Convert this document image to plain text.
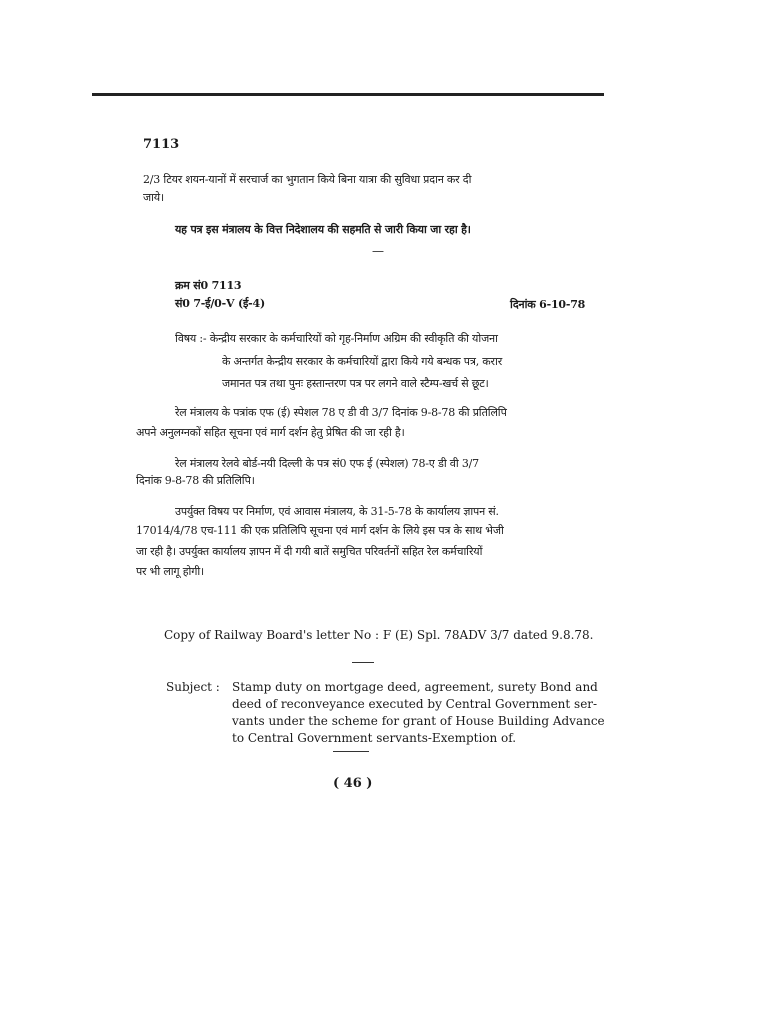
7113
2/3 टियर शयन-यानों में सरचार्ज का भुगतान किये बिना यात्रा की सुविधा प्रदान कर दी
जाये।
यह पत्र इस मंत्रालय के वित्त निदेशालय की सहमति से जारी किया जा रहा है।
—
क्रम सं0 7113
सं0 7-ई/0-V (ई-4)	दिनांक 6-10-78
विषय :- केन्द्रीय सरकार के कर्मचारियों को गृह-निर्माण अग्रिम की स्वीकृति की योजना
के अन्तर्गत केन्द्रीय सरकार के कर्मचारियों द्वारा किये गये बन्धक पत्र, करार
जमानत पत्र तथा पुनः हस्तान्तरण पत्र पर लगने वाले स्टैम्प-खर्च से छूट।
रेल मंत्रालय के पत्रांक एफ (ई) स्पेशल 78 ए डी वी 3/7 दिनांक 9-8-78 की प्रतिलिपि
अपने अनुलग्नकों सहित सूचना एवं मार्ग दर्शन हेतु प्रेषित की जा रही है।
रेल मंत्रालय रेलवे बोर्ड-नयी दिल्ली के पत्र सं0 एफ ई (स्पेशल) 78-ए डी वी 3/7
दिनांक 9-8-78 की प्रतिलिपि।
उपर्युक्त विषय पर निर्माण, एवं आवास मंत्रालय, के 31-5-78 के कार्यालय ज्ञापन सं.
17014/4/78 एच-111 की एक प्रतिलिपि सूचना एवं मार्ग दर्शन के लिये इस पत्र के साथ भेजी
जा रही है। उपर्युक्त कार्यालय ज्ञापन में दी गयी बातें समुचित परिवर्तनों सहित रेल कर्मचारियों
पर भी लागू होगी।
Copy of Railway Board's letter No : F (E) Spl. 78ADV 3/7 dated 9.8.78.
Subject : Stamp duty on mortgage deed, agreement, surety Bond and
deed of reconveyance executed by Central Government ser-
vants under the scheme for grant of House Building Advance
to Central Government servants-Exemption of.
( 46 )
